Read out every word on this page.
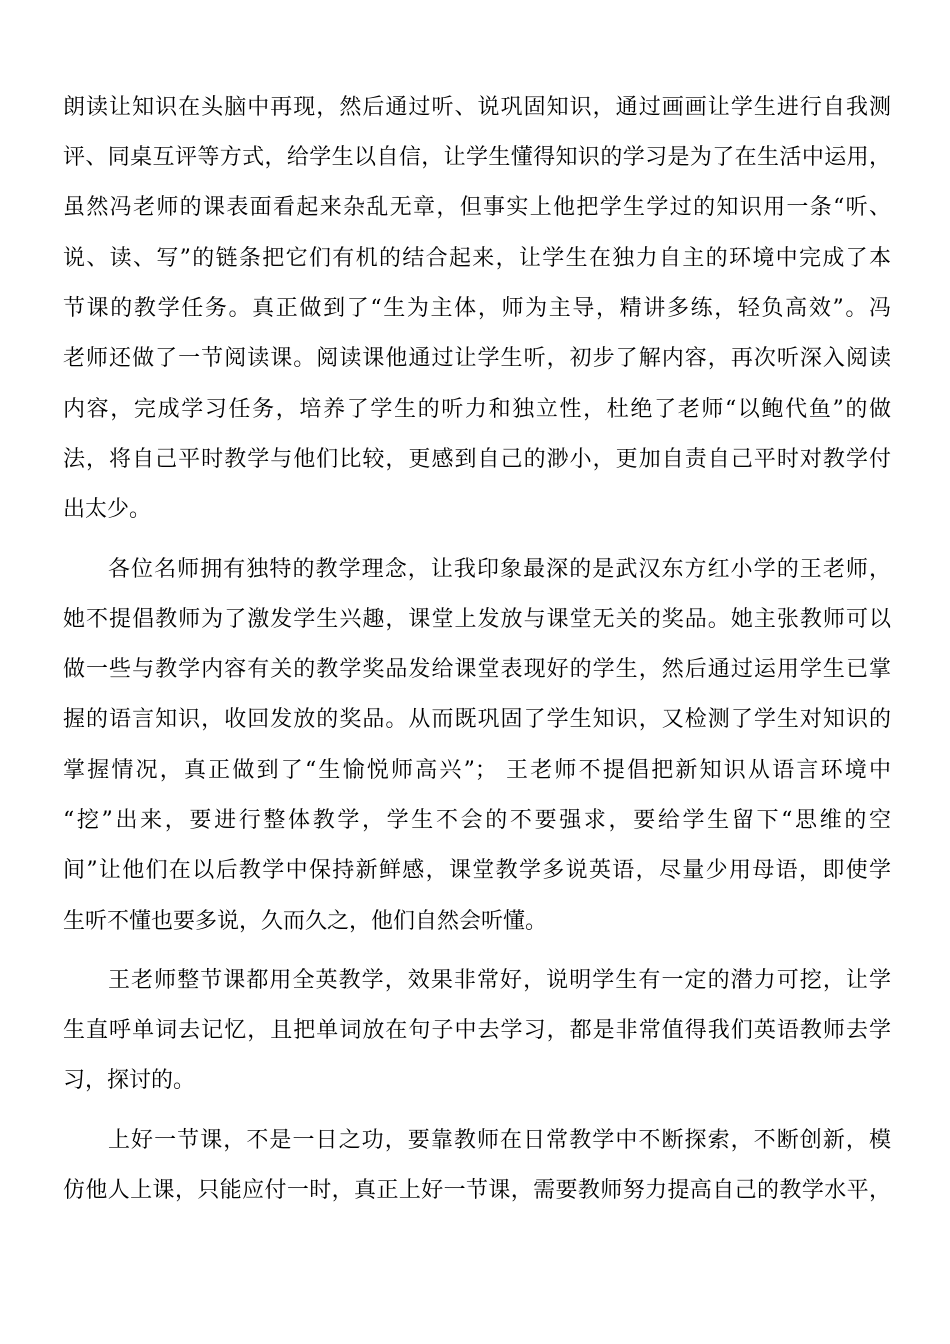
朗读让知识在头脑中再现，然后通过听、说巩固知识，通过画画让学生进行自我测
评、同桌互评等方式，给学生以自信，让学生懂得知识的学习是为了在生活中运用，
虽然冯老师的课表面看起来杂乱无章，但事实上他把学生学过的知识用一条“听、
说、读、写”的链条把它们有机的结合起来，让学生在独力自主的环境中完成了本
节课的教学任务。真正做到了“生为主体，师为主导，精讲多练，轻负高效”。冯
老师还做了一节阅读课。阅读课他通过让学生听，初步了解内容，再次听深入阅读
内容，完成学习任务，培养了学生的听力和独立性，杜绝了老师“以鲍代鱼”的做
法，将自己平时教学与他们比较，更感到自己的渺小，更加自责自己平时对教学付
出太少。
各位名师拥有独特的教学理念，让我印象最深的是武汉东方红小学的王老师，
她不提倡教师为了激发学生兴趣，课堂上发放与课堂无关的奖品。她主张教师可以
做一些与教学内容有关的教学奖品发给课堂表现好的学生，然后通过运用学生已掌
握的语言知识，收回发放的奖品。从而既巩固了学生知识，又检测了学生对知识的
掌握情况，真正做到了“生愉悦师高兴”； 王老师不提倡把新知识从语言环境中
“挖”出来，要进行整体教学，学生不会的不要强求，要给学生留下“思维的空
间”让他们在以后教学中保持新鲜感，课堂教学多说英语，尽量少用母语，即使学
生听不懂也要多说，久而久之，他们自然会听懂。
王老师整节课都用全英教学，效果非常好，说明学生有一定的潜力可挖，让学
生直呼单词去记忆，且把单词放在句子中去学习，都是非常值得我们英语教师去学
习，探讨的。
上好一节课，不是一日之功，要靠教师在日常教学中不断探索，不断创新，模
仿他人上课，只能应付一时，真正上好一节课，需要教师努力提高自己的教学水平，
